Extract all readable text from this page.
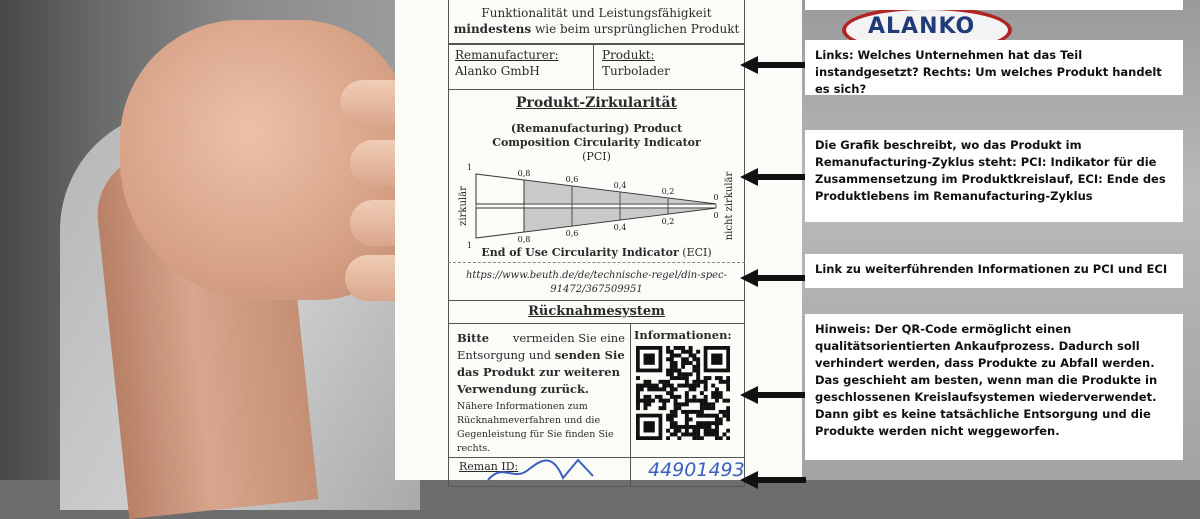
ALANKO
Funktionalität und Leistungsfähigkeit
mindestens wie beim ursprünglichen Produkt
Remanufacturer:
Alanko GmbH
Produkt:
Turbolader
Produkt-Zirkularität
(Remanufacturing) Product
Composition Circularity Indicator
(PCI)
1
1
0,8
0,8
0,6
0,6
0,4
0,4
0,2
0,2
0
0
zirkulär	nicht zirkulär
End of Use Circularity Indicator (ECI)
https://www.beuth.de/de/technische-regel/din-spec-
91472/367509951
Rücknahmesystem
Bitte vermeiden Sie eine
Entsorgung und senden Sie
das Produkt zur weiteren
Verwendung zurück.
Nähere Informationen zum
Rücknahmeverfahren und die
Gegenleistung für Sie finden Sie
rechts.
Informationen:
Reman ID:	44901493
Links: Welches Unternehmen hat das Teil instandgesetzt? Rechts: Um welches Produkt handelt es sich?
Die Grafik beschreibt, wo das Produkt im Remanufacturing-Zyklus steht: PCI: Indikator für die Zusammensetzung im Produktkreislauf, ECI: Ende des Produktlebens im Remanufacturing-Zyklus
Link zu weiterführenden Informationen zu PCI und ECI
Hinweis: Der QR-Code ermöglicht einen qualitätsorientierten Ankaufprozess. Dadurch soll verhindert werden, dass Produkte zu Abfall werden. Das geschieht am besten, wenn man die Produkte in geschlossenen Kreislaufsystemen wiederverwendet. Dann gibt es keine tatsächliche Entsorgung und die Produkte werden nicht weggeworfen.
